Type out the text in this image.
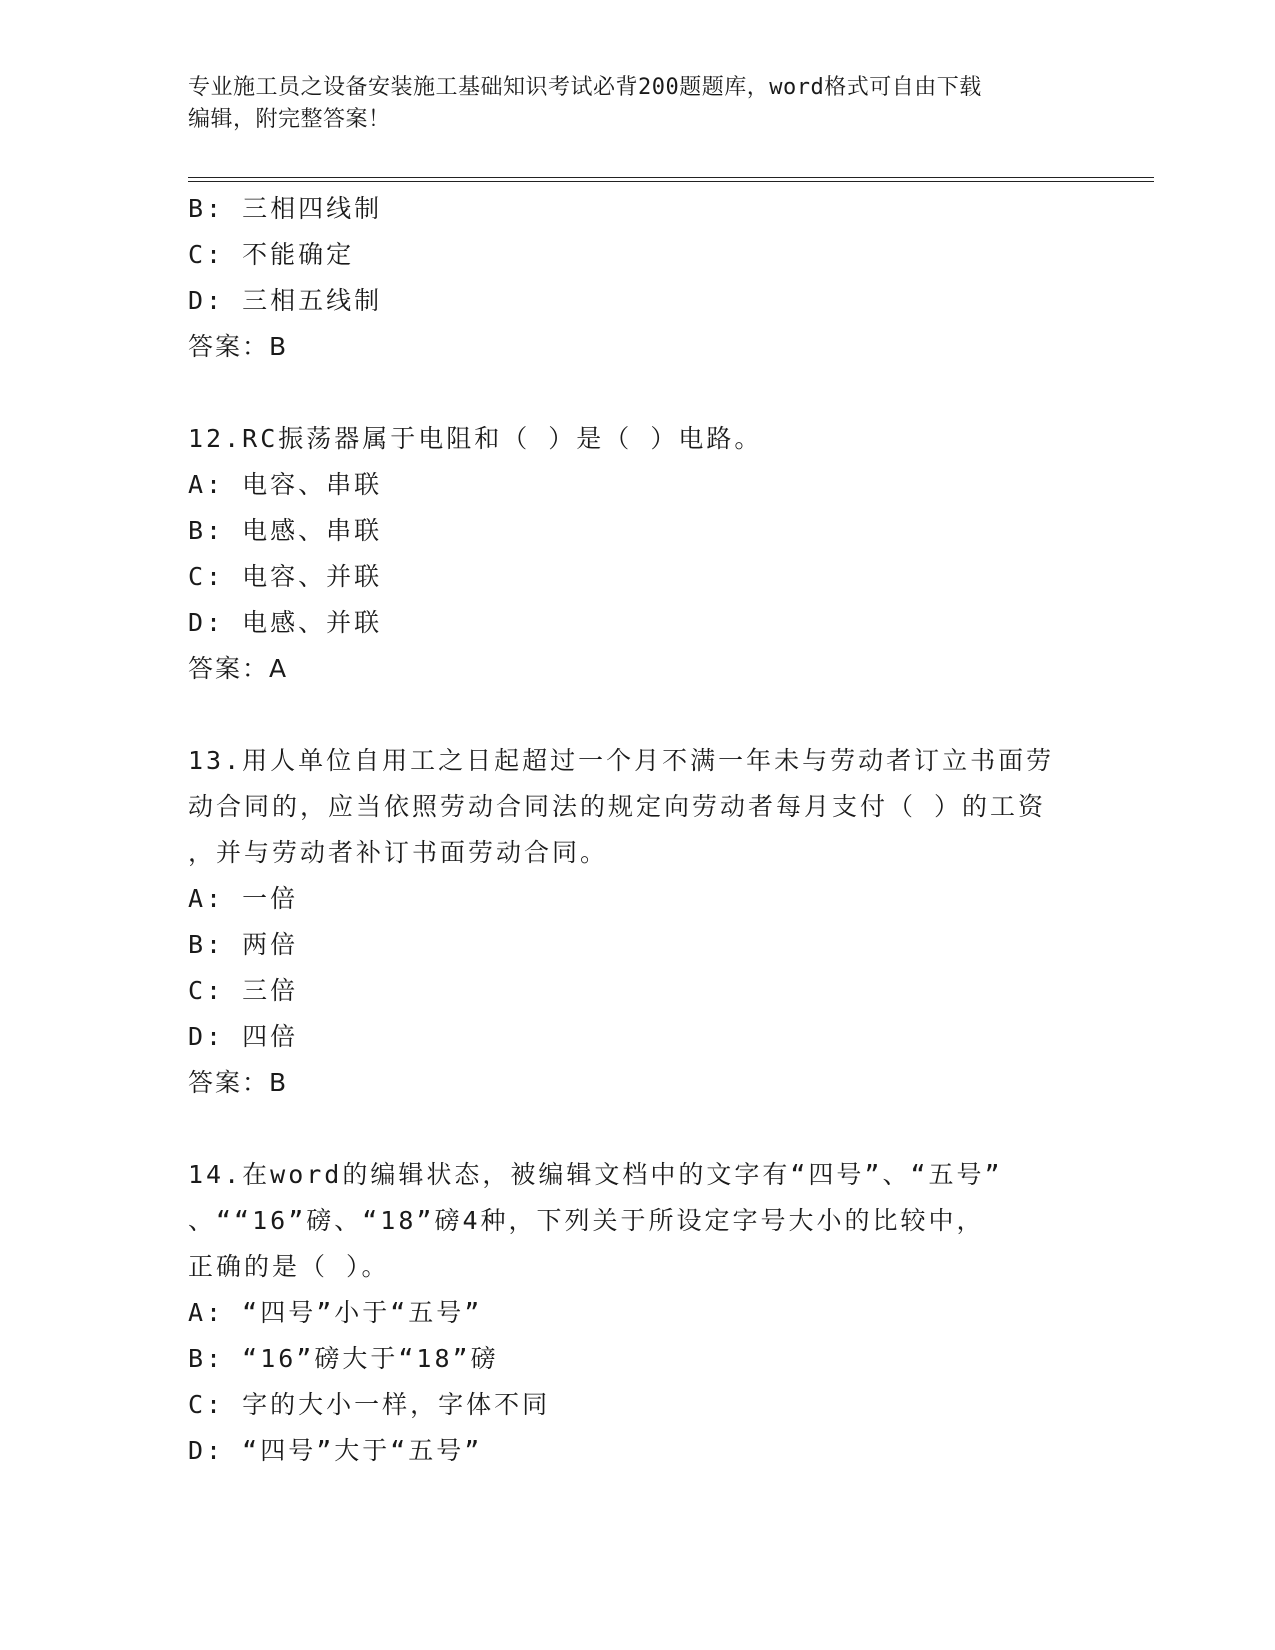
专业施工员之设备安装施工基础知识考试必背200题题库，word格式可自由下载
编辑，附完整答案！
B: 三相四线制
C: 不能确定
D: 三相五线制
答案：B
12.RC振荡器属于电阻和（ ）是（ ）电路。
A: 电容、串联
B: 电感、串联
C: 电容、并联
D: 电感、并联
答案：A
13.用人单位自用工之日起超过一个月不满一年未与劳动者订立书面劳
动合同的，应当依照劳动合同法的规定向劳动者每月支付（ ）的工资
，并与劳动者补订书面劳动合同。
A: 一倍
B: 两倍
C: 三倍
D: 四倍
答案：B
14.在word的编辑状态，被编辑文档中的文字有“四号”、“五号”
、““16”磅、“18”磅4种，下列关于所设定字号大小的比较中，
正确的是（ ）。
A: “四号”小于“五号”
B: “16”磅大于“18”磅
C: 字的大小一样，字体不同
D: “四号”大于“五号”
